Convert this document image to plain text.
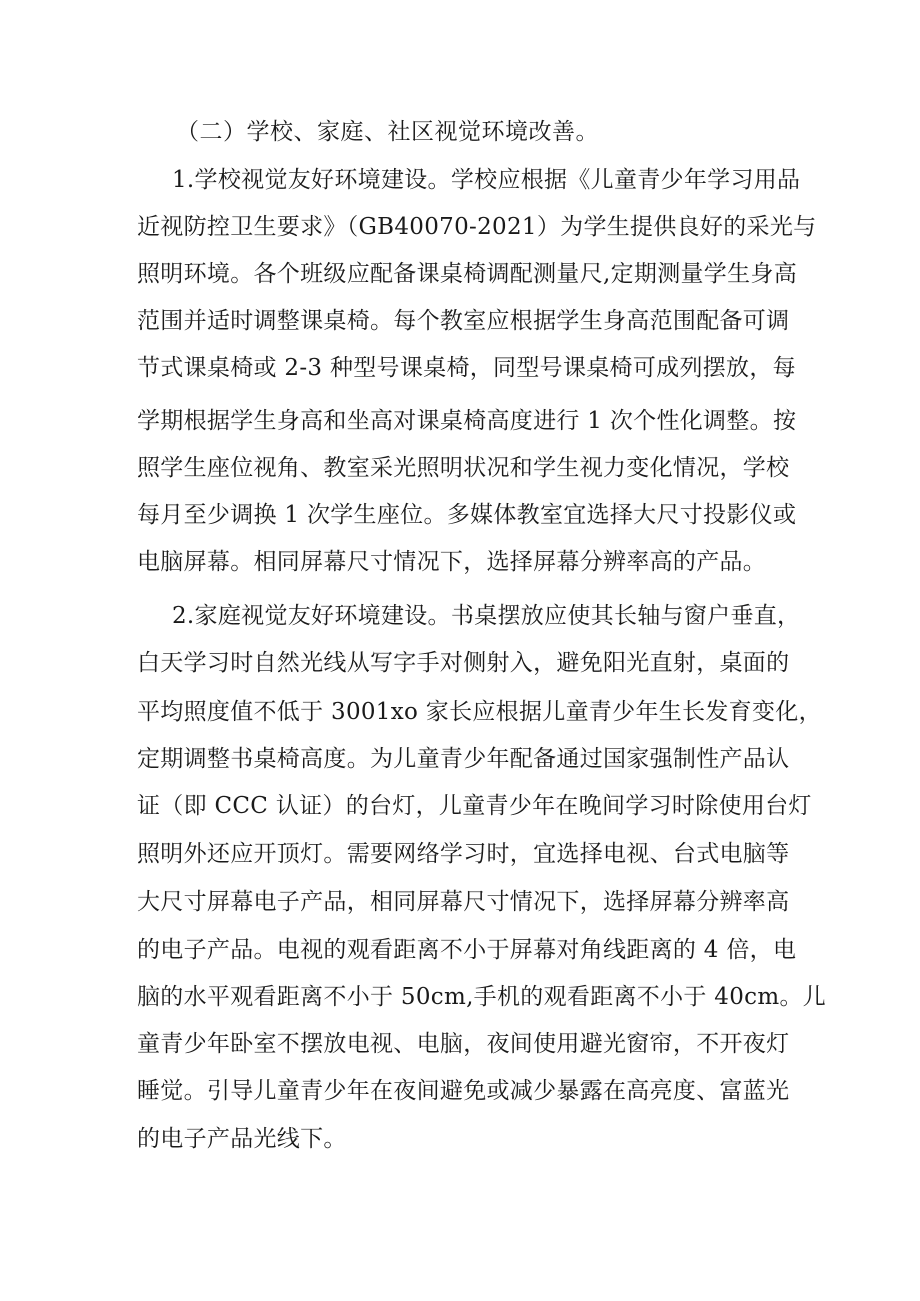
（二）学校、家庭、社区视觉环境改善。
1.学校视觉友好环境建设。学校应根据《儿童青少年学习用品
近视防控卫生要求》（GB40070-2021）为学生提供良好的采光与
照明环境。各个班级应配备课桌椅调配测量尺,定期测量学生身高
范围并适时调整课桌椅。每个教室应根据学生身高范围配备可调
节式课桌椅或 2-3 种型号课桌椅，同型号课桌椅可成列摆放，每
学期根据学生身高和坐高对课桌椅高度进行 1 次个性化调整。按
照学生座位视角、教室采光照明状况和学生视力变化情况，学校
每月至少调换 1 次学生座位。多媒体教室宜选择大尺寸投影仪或
电脑屏幕。相同屏幕尺寸情况下，选择屏幕分辨率高的产品。
2.家庭视觉友好环境建设。书桌摆放应使其长轴与窗户垂直，
白天学习时自然光线从写字手对侧射入，避免阳光直射，桌面的
平均照度值不低于 3001xo 家长应根据儿童青少年生长发育变化，
定期调整书桌椅高度。为儿童青少年配备通过国家强制性产品认
证（即 CCC 认证）的台灯，儿童青少年在晚间学习时除使用台灯
照明外还应开顶灯。需要网络学习时，宜选择电视、台式电脑等
大尺寸屏幕电子产品，相同屏幕尺寸情况下，选择屏幕分辨率高
的电子产品。电视的观看距离不小于屏幕对角线距离的 4 倍，电
脑的水平观看距离不小于 50cm,手机的观看距离不小于 40cm。儿
童青少年卧室不摆放电视、电脑，夜间使用避光窗帘，不开夜灯
睡觉。引导儿童青少年在夜间避免或减少暴露在高亮度、富蓝光
的电子产品光线下。
